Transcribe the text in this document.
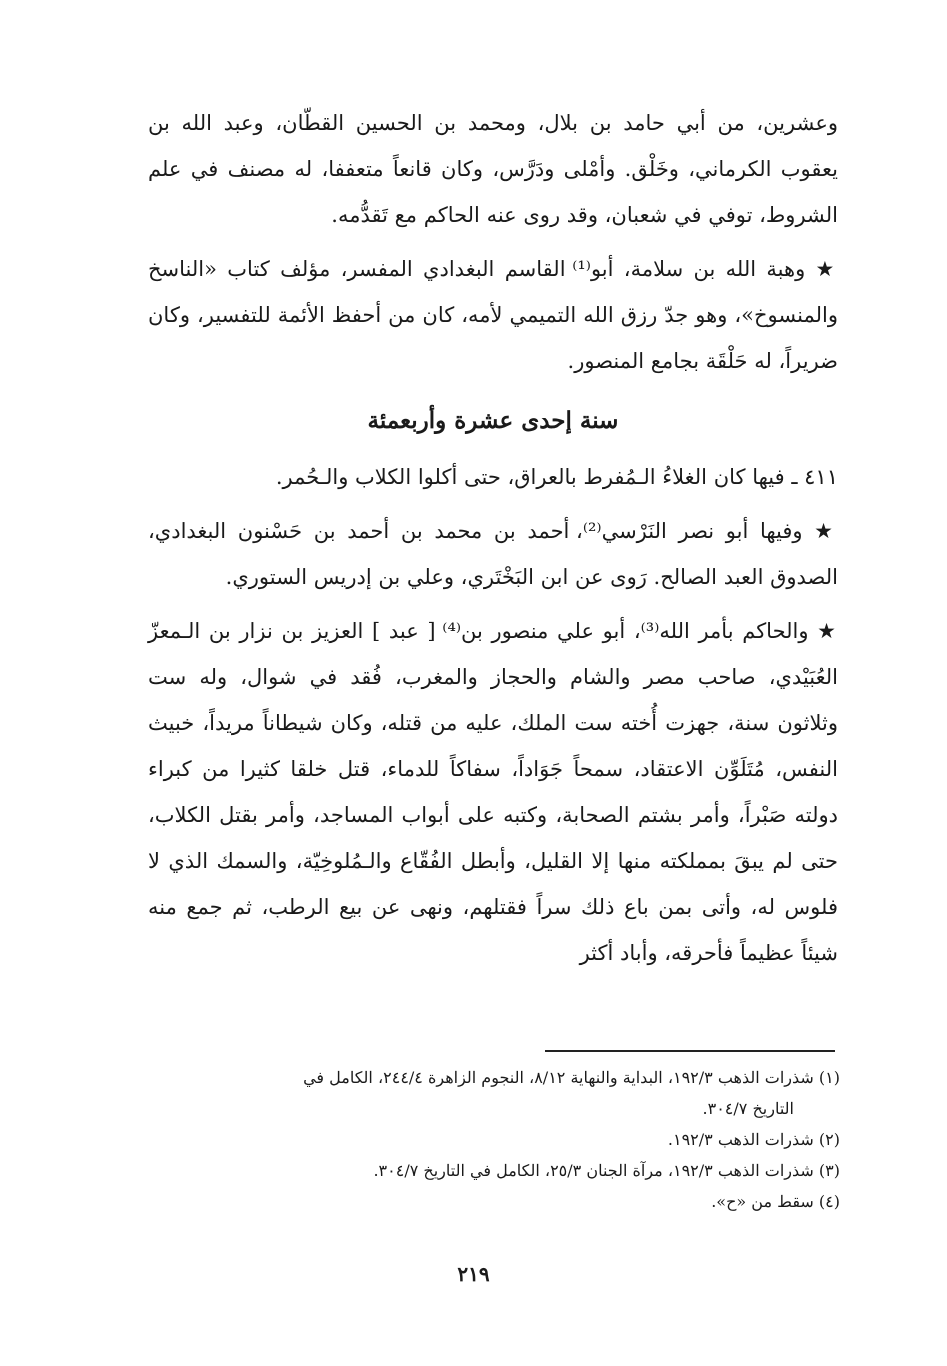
وعشرين، من أبي حامد بن بلال، ومحمد بن الحسين القطّان، وعبد الله بن يعقوب الكرماني، وخَلْق. وأمْلى ودَرَّس، وكان قانعاً متعففا، له مصنف في علم الشروط، توفي في شعبان، وقد روى عنه الحاكم مع تَقدُّمه.

★ وهبة الله بن سلامة، أبو⁽¹⁾ القاسم البغدادي المفسر، مؤلف كتاب «الناسخ والمنسوخ»، وهو جدّ رزق الله التميمي لأمه، كان من أحفظ الأئمة للتفسير، وكان ضريراً، له حَلْقَة بجامع المنصور.

سنة إحدى عشرة وأربعمئة

٤١١ ـ فيها كان الغلاءُ الـمُفرط بالعراق، حتى أكلوا الكلاب والـحُمر.

★ وفيها أبو نصر النَرْسي⁽²⁾، أحمد بن محمد بن أحمد بن حَسْنون البغدادي، الصدوق العبد الصالح. رَوى عن ابن البَخْتَري، وعلي بن إدريس الستوري.

★ والحاكم بأمر الله⁽³⁾، أبو علي منصور بن⁽⁴⁾ [ عبد ] العزيز بن نزار بن الـمعزّ العُبَيْدي، صاحب مصر والشام والحجاز والمغرب، فُقد في شوال، وله ست وثلاثون سنة، جهزت أُخته ست الملك، عليه من قتله، وكان شيطاناً مريداً، خبيث النفس، مُتَلَوِّن الاعتقاد، سمحاً جَوَاداً، سفاكاً للدماء، قتل خلقا كثيرا من كبراء دولته صَبْراً، وأمر بشتم الصحابة، وكتبه على أبواب المساجد، وأمر بقتل الكلاب، حتى لم يبقَ بمملكته منها إلا القليل، وأبطل الفُقّاع والـمُلوخِيّة، والسمك الذي لا فلوس له، وأتى بمن باع ذلك سراً فقتلهم، ونهى عن بيع الرطب، ثم جمع منه شيئاً عظيماً فأحرقه، وأباد أكثر

(١) شذرات الذهب ١٩٢/٣، البداية والنهاية ٨/١٢، النجوم الزاهرة ٢٤٤/٤، الكامل في

التاريخ ٣٠٤/٧.

(٢) شذرات الذهب ١٩٢/٣.

(٣) شذرات الذهب ١٩٢/٣، مرآة الجنان ٢٥/٣، الكامل في التاريخ ٣٠٤/٧.

(٤) سقط من «ح».

٢١٩
